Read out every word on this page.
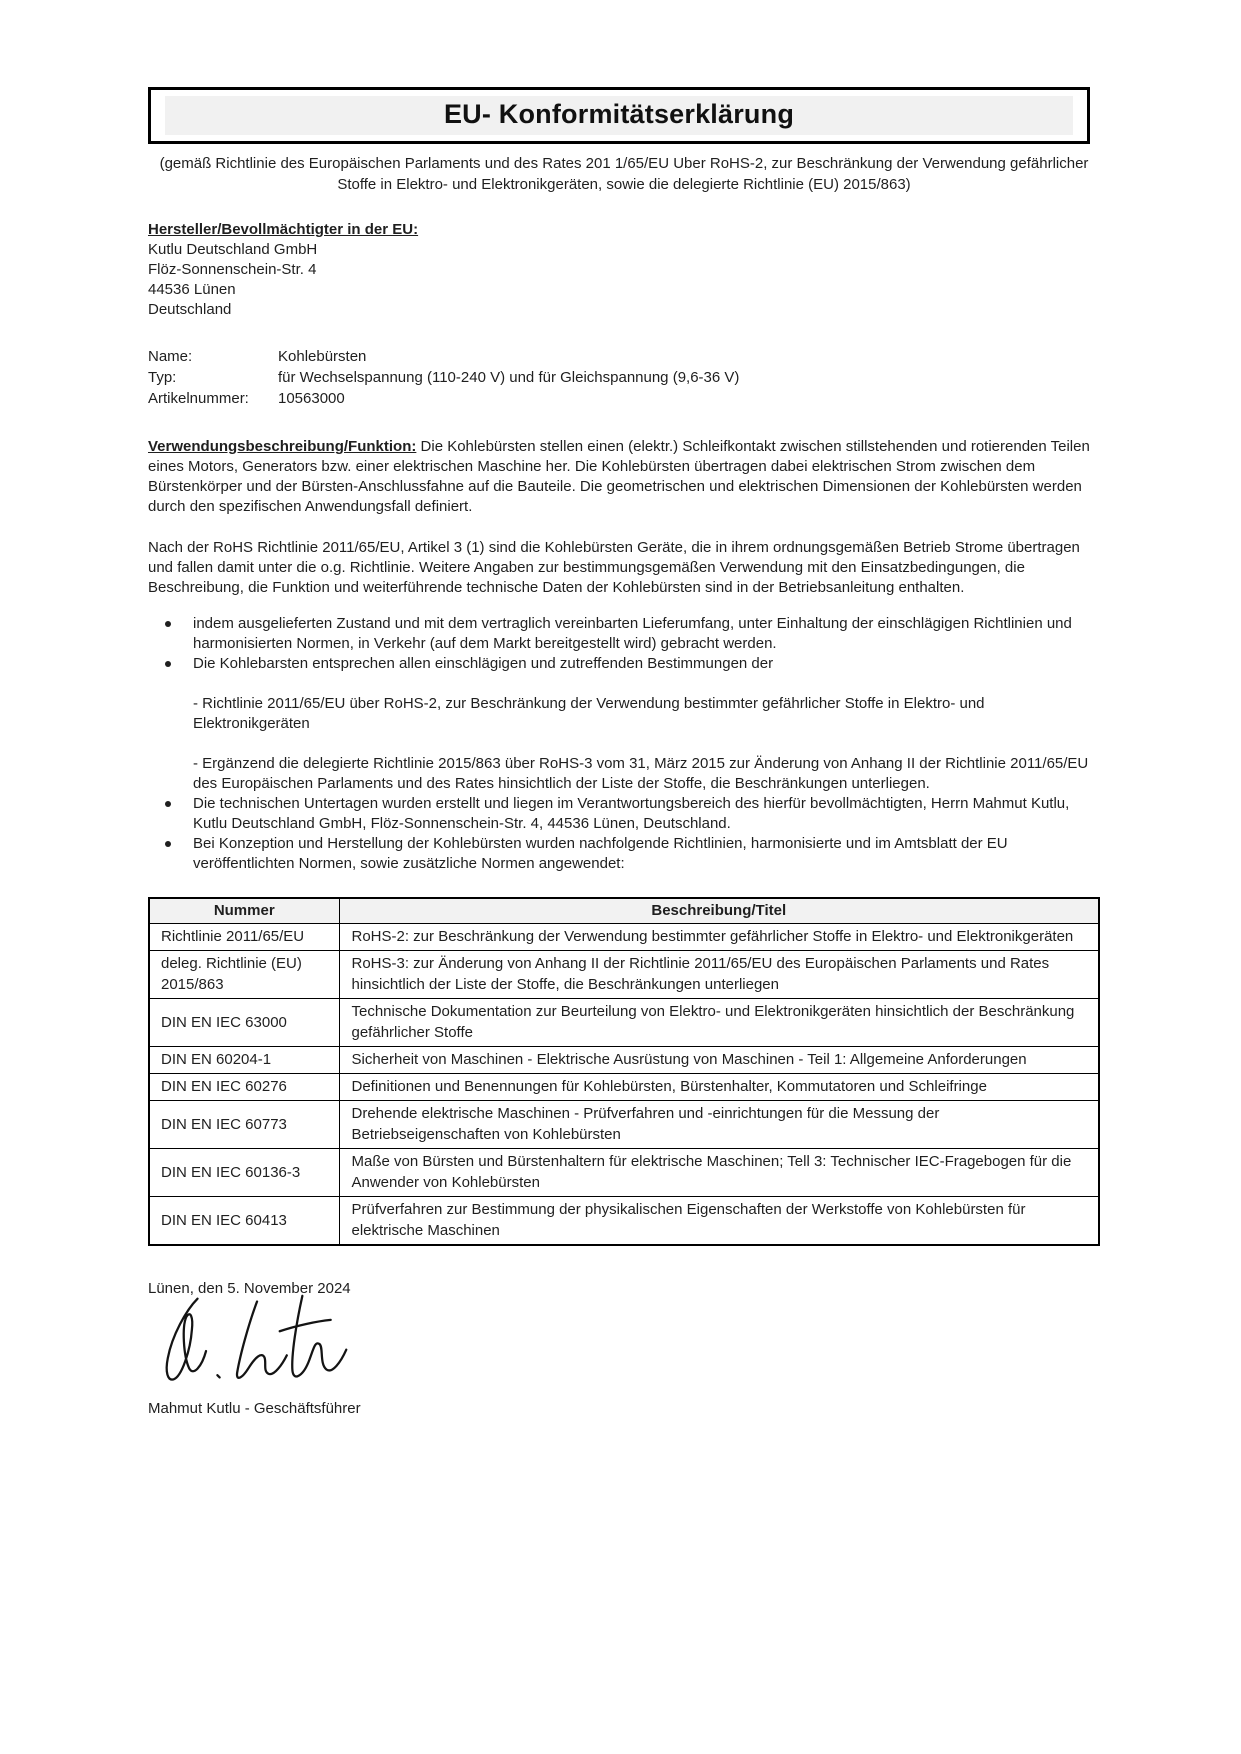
EU- Konformitätserklärung

(gemäß Richtlinie des Europäischen Parlaments und des Rates 201 1/65/EU Uber RoHS-2, zur Beschränkung der Verwendung gefährlicher Stoffe in Elektro- und Elektronikgeräten, sowie die delegierte Richtlinie (EU) 2015/863)

Hersteller/Bevollmächtigter in der EU:
Kutlu Deutschland GmbH
Flöz-Sonnenschein-Str. 4
44536 Lünen
Deutschland
Name:	Kohlebürsten
Typ:	für Wechselspannung (110-240 V) und für Gleichspannung (9,6-36 V)
Artikelnummer:	10563000

Verwendungsbeschreibung/Funktion: Die Kohlebürsten stellen einen (elektr.) Schleifkontakt zwischen stillstehenden und rotierenden Teilen eines Motors, Generators bzw. einer elektrischen Maschine her. Die Kohlebürsten übertragen dabei elektrischen Strom zwischen dem Bürstenkörper und der Bürsten-Anschlussfahne auf die Bauteile. Die geometrischen und elektrischen Dimensionen der Kohlebürsten werden durch den spezifischen Anwendungsfall definiert.

Nach der RoHS Richtlinie 2011/65/EU, Artikel 3 (1) sind die Kohlebürsten Geräte, die in ihrem ordnungsgemäßen Betrieb Strome übertragen und fallen damit unter die o.g. Richtlinie. Weitere Angaben zur bestimmungsgemäßen Verwendung mit den Einsatzbedingungen, die Beschreibung, die Funktion und weiterführende technische Daten der Kohlebürsten sind in der Betriebsanleitung enthalten.

indem ausgelieferten Zustand und mit dem vertraglich vereinbarten Lieferumfang, unter Einhaltung der einschlägigen Richtlinien und harmonisierten Normen, in Verkehr (auf dem Markt bereitgestellt wird) gebracht werden.
Die Kohlebarsten entsprechen allen einschlägigen und zutreffenden Bestimmungen der

- Richtlinie 2011/65/EU über RoHS-2, zur Beschränkung der Verwendung bestimmter gefährlicher Stoffe in Elektro- und Elektronikgeräten

- Ergänzend die delegierte Richtlinie 2015/863 über RoHS-3 vom 31, März 2015 zur Änderung von Anhang II der Richtlinie 2011/65/EU des Europäischen Parlaments und des Rates hinsichtlich der Liste der Stoffe, die Beschränkungen unterliegen.

Die technischen Untertagen wurden erstellt und liegen im Verantwortungsbereich des hierfür bevollmächtigten, Herrn Mahmut Kutlu, Kutlu Deutschland GmbH, Flöz-Sonnenschein-Str. 4, 44536 Lünen, Deutschland.
Bei Konzeption und Herstellung der Kohlebürsten wurden nachfolgende Richtlinien, harmonisierte und im Amtsblatt der EU veröffentlichten Normen, sowie zusätzliche Normen angewendet:
Nummer	Beschreibung/Titel
Richtlinie 2011/65/EU	RoHS-2: zur Beschränkung der Verwendung bestimmter gefährlicher Stoffe in Elektro- und Elektronikgeräten
deleg. Richtlinie (EU) 2015/863	RoHS-3: zur Änderung von Anhang II der Richtlinie 2011/65/EU des Europäischen Parlaments und Rates hinsichtlich der Liste der Stoffe, die Beschränkungen unterliegen
DIN EN IEC 63000	Technische Dokumentation zur Beurteilung von Elektro- und Elektronikgeräten hinsichtlich der Beschränkung gefährlicher Stoffe
DIN EN 60204-1	Sicherheit von Maschinen - Elektrische Ausrüstung von Maschinen - Teil 1: Allgemeine Anforderungen
DIN EN IEC 60276	Definitionen und Benennungen für Kohlebürsten, Bürstenhalter, Kommutatoren und Schleifringe
DIN EN IEC 60773	Drehende elektrische Maschinen - Prüfverfahren und -einrichtungen für die Messung der Betriebseigenschaften von Kohlebürsten
DIN EN IEC 60136-3	Maße von Bürsten und Bürstenhaltern für elektrische Maschinen; Tell 3: Technischer IEC-Fragebogen für die Anwender von Kohlebürsten
DIN EN IEC 60413	Prüfverfahren zur Bestimmung der physikalischen Eigenschaften der Werkstoffe von Kohlebürsten für elektrische Maschinen

Lünen, den 5. November 2024

Mahmut Kutlu - Geschäftsführer
